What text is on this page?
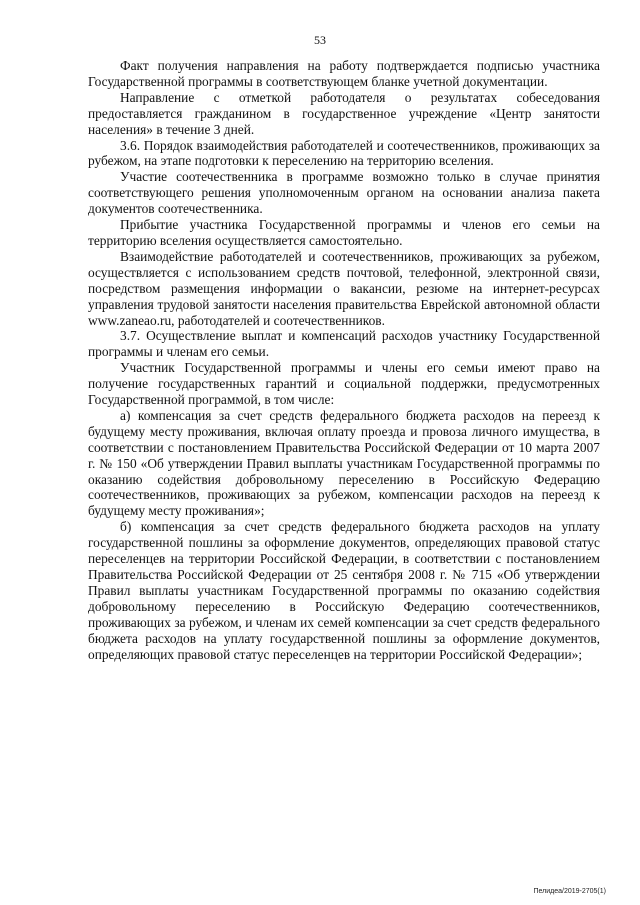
53

Факт получения направления на работу подтверждается подписью участника Государственной программы в соответствующем бланке учетной документации.

Направление с отметкой работодателя о результатах собеседования предоставляется гражданином в государственное учреждение «Центр занятости населения» в течение 3 дней.

3.6. Порядок взаимодействия работодателей и соотечественников, проживающих за рубежом, на этапе подготовки к переселению на территорию вселения.

Участие соотечественника в программе возможно только в случае принятия соответствующего решения уполномоченным органом на основании анализа пакета документов соотечественника.

Прибытие участника Государственной программы и членов его семьи на территорию вселения осуществляется самостоятельно.

Взаимодействие работодателей и соотечественников, проживающих за рубежом, осуществляется с использованием средств почтовой, телефонной, электронной связи, посредством размещения информации о вакансии, резюме на интернет-ресурсах управления трудовой занятости населения правительства Еврейской автономной области www.zaneao.ru, работодателей и соотечественников.

3.7. Осуществление выплат и компенсаций расходов участнику Государственной программы и членам его семьи.

Участник Государственной программы и члены его семьи имеют право на получение государственных гарантий и социальной поддержки, предусмотренных Государственной программой, в том числе:

а) компенсация за счет средств федерального бюджета расходов на переезд к будущему месту проживания, включая оплату проезда и провоза личного имущества, в соответствии с постановлением Правительства Российской Федерации от 10 марта 2007 г. № 150 «Об утверждении Правил выплаты участникам Государственной программы по оказанию содействия добровольному переселению в Российскую Федерацию соотечественников, проживающих за рубежом, компенсации расходов на переезд к будущему месту проживания»;

б) компенсация за счет средств федерального бюджета расходов на уплату государственной пошлины за оформление документов, определяющих правовой статус переселенцев на территории Российской Федерации, в соответствии с постановлением Правительства Российской Федерации от 25 сентября 2008 г. № 715 «Об утверждении Правил выплаты участникам Государственной программы по оказанию содействия добровольному переселению в Российскую Федерацию соотечественников, проживающих за рубежом, и членам их семей компенсации за счет средств федерального бюджета расходов на уплату государственной пошлины за оформление документов, определяющих правовой статус переселенцев на территории Российской Федерации»;

Пелидеа/2019-2705(1)
